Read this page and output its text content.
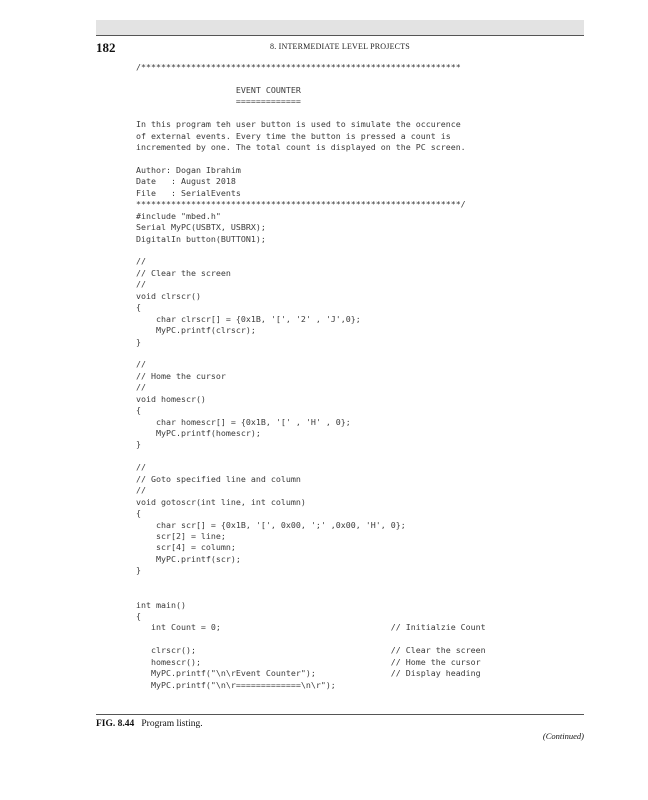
182	8. INTERMEDIATE LEVEL PROJECTS
/****************************************************************
EVENT COUNTER
=============
In this program teh user button is used to simulate the occurence
of external events. Every time the button is pressed a count is
incremented by one. The total count is displayed on the PC screen.
Author: Dogan Ibrahim
Date   : August 2018
File   : SerialEvents
*****************************************************************/
#include "mbed.h"
Serial MyPC(USBTX, USBRX);
DigitalIn button(BUTTON1);
//
// Clear the screen
//
void clrscr()
{
char clrscr[] = {0x1B, '[', '2' , 'J',0};
MyPC.printf(clrscr);
}
//
// Home the cursor
//
void homescr()
{
char homescr[] = {0x1B, '[' , 'H' , 0};
MyPC.printf(homescr);
}
//
// Goto specified line and column
//
void gotoscr(int line, int column)
{
char scr[] = {0x1B, '[', 0x00, ';' ,0x00, 'H', 0};
scr[2] = line;
scr[4] = column;
MyPC.printf(scr);
}
int main()
{
int Count = 0;                                  // Initialzie Count
clrscr();                                       // Clear the screen
homescr();                                      // Home the cursor
MyPC.printf("\n\rEvent Counter");               // Display heading
MyPC.printf("\n\r=============\n\r");
FIG. 8.44 Program listing.
(Continued)
